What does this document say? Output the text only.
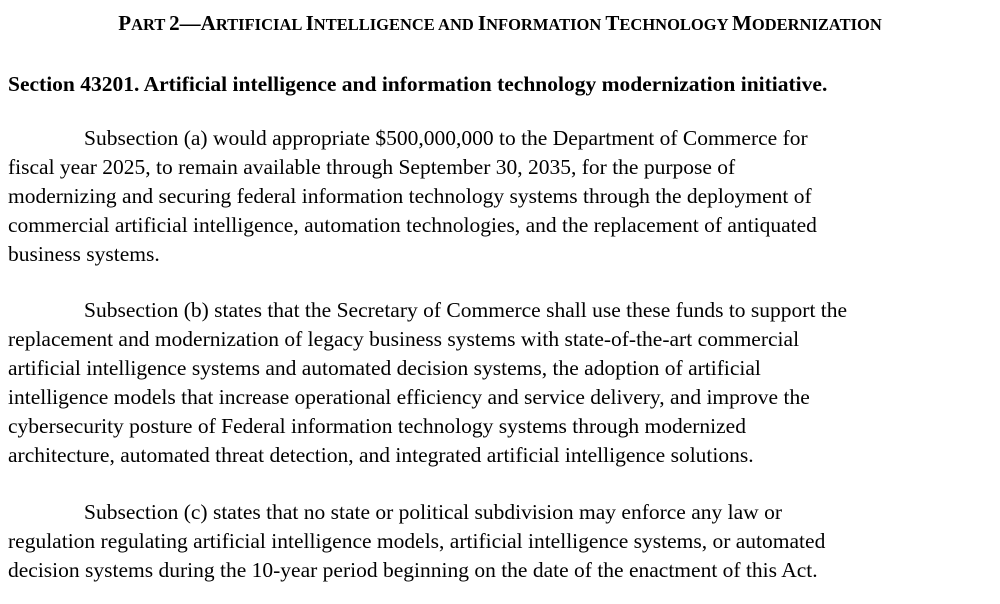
PART 2—ARTIFICIAL INTELLIGENCE AND INFORMATION TECHNOLOGY MODERNIZATION
Section 43201. Artificial intelligence and information technology modernization initiative.
Subsection (a) would appropriate $500,000,000 to the Department of Commerce for
fiscal year 2025, to remain available through September 30, 2035, for the purpose of
modernizing and securing federal information technology systems through the deployment of
commercial artificial intelligence, automation technologies, and the replacement of antiquated
business systems.
Subsection (b) states that the Secretary of Commerce shall use these funds to support the
replacement and modernization of legacy business systems with state-of-the-art commercial
artificial intelligence systems and automated decision systems, the adoption of artificial
intelligence models that increase operational efficiency and service delivery, and improve the
cybersecurity posture of Federal information technology systems through modernized
architecture, automated threat detection, and integrated artificial intelligence solutions.
Subsection (c) states that no state or political subdivision may enforce any law or
regulation regulating artificial intelligence models, artificial intelligence systems, or automated
decision systems during the 10-year period beginning on the date of the enactment of this Act.
